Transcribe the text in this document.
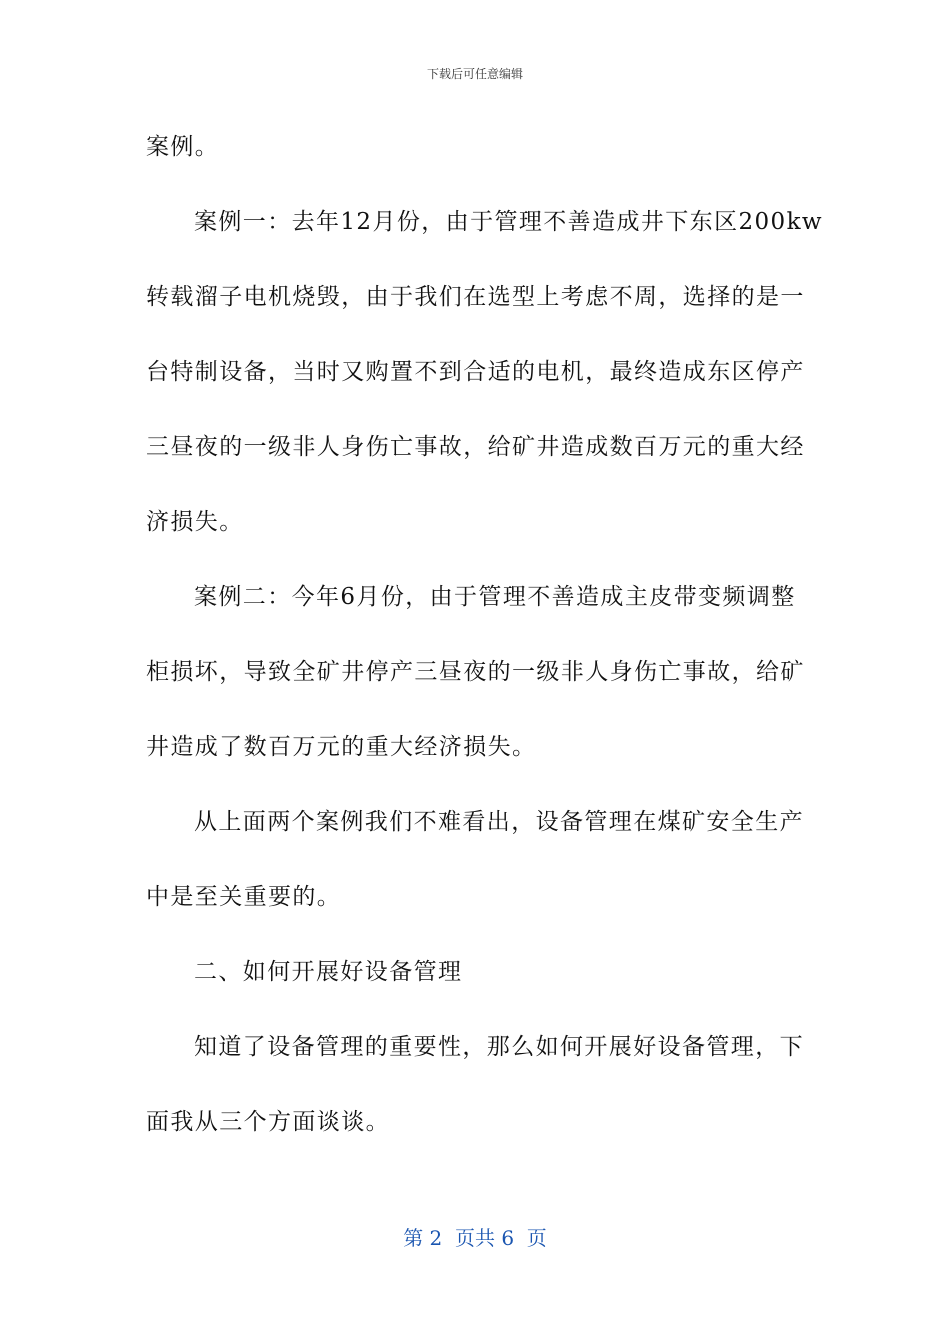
下载后可任意编辑
案例。
案例一：去年12月份，由于管理不善造成井下东区200kw
转载溜子电机烧毁，由于我们在选型上考虑不周，选择的是一
台特制设备，当时又购置不到合适的电机，最终造成东区停产
三昼夜的一级非人身伤亡事故，给矿井造成数百万元的重大经
济损失。
案例二：今年6月份，由于管理不善造成主皮带变频调整
柜损坏，导致全矿井停产三昼夜的一级非人身伤亡事故，给矿
井造成了数百万元的重大经济损失。
从上面两个案例我们不难看出，设备管理在煤矿安全生产
中是至关重要的。
二、如何开展好设备管理
知道了设备管理的重要性，那么如何开展好设备管理，下
面我从三个方面谈谈。
第 2  页共 6  页
